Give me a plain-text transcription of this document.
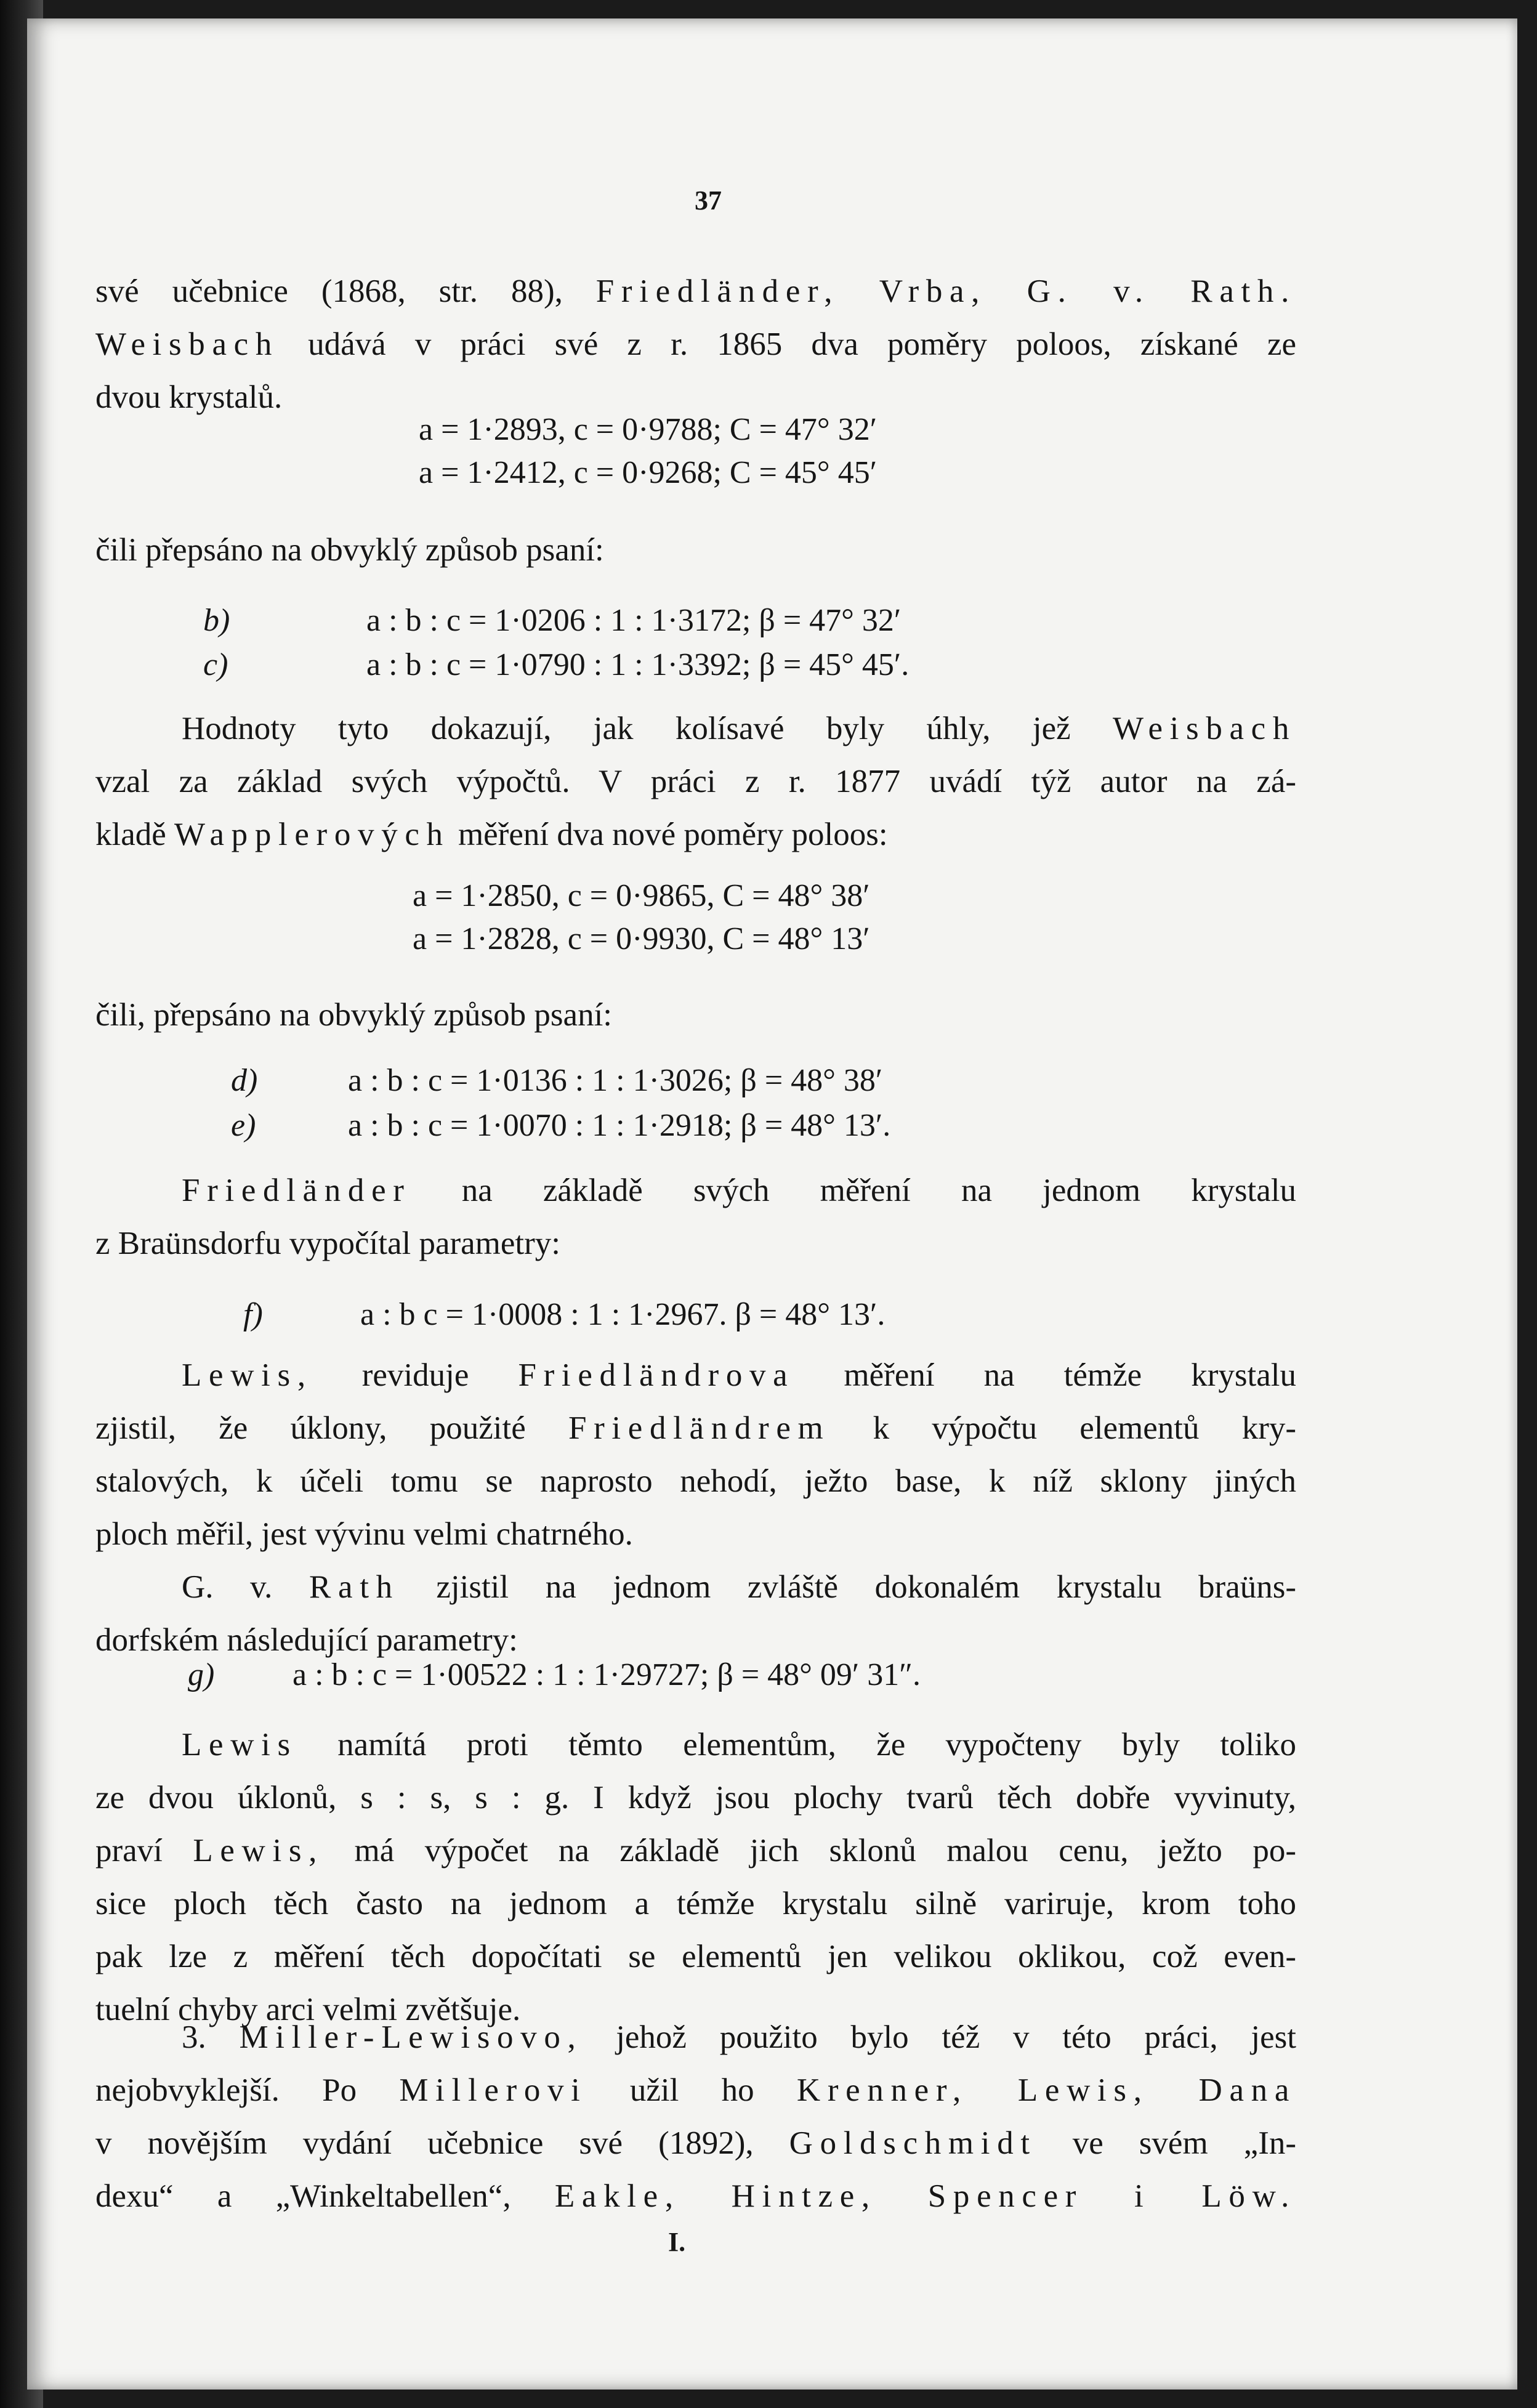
37
své učebnice (1868, str. 88), Friedländer, Vrba, G. v. Rath.
Weisbach udává v práci své z r. 1865 dva poměry poloos, získané ze
dvou krystalů.
a = 1·2893, c = 0·9788; C = 47° 32′
a = 1·2412, c = 0·9268; C = 45° 45′
čili přepsáno na obvyklý způsob psaní:
b)	a : b : c = 1·0206 : 1 : 1·3172; β = 47° 32′
c)	a : b : c = 1·0790 : 1 : 1·3392; β = 45° 45′.
Hodnoty tyto dokazují, jak kolísavé byly úhly, jež Weisbach
vzal za základ svých výpočtů. V práci z r. 1877 uvádí týž autor na zá-
kladě Wapplerových měření dva nové poměry poloos:
a = 1·2850, c = 0·9865, C = 48° 38′
a = 1·2828, c = 0·9930, C = 48° 13′
čili, přepsáno na obvyklý způsob psaní:
d)	a : b : c = 1·0136 : 1 : 1·3026; β = 48° 38′
e)	a : b : c = 1·0070 : 1 : 1·2918; β = 48° 13′.
Friedländer na základě svých měření na jednom krystalu
z Braünsdorfu vypočítal parametry:
f)	a : b c = 1·0008 : 1 : 1·2967. β = 48° 13′.
Lewis, reviduje Friedländrova měření na témže krystalu
zjistil, že úklony, použité Friedländrem k výpočtu elementů kry-
stalových, k účeli tomu se naprosto nehodí, ježto base, k níž sklony jiných
ploch měřil, jest vývinu velmi chatrného.
G. v. Rath zjistil na jednom zvláště dokonalém krystalu braüns-
dorfském následující parametry:
g) a : b : c = 1·00522 : 1 : 1·29727; β = 48° 09′ 31″.
Lewis namítá proti těmto elementům, že vypočteny byly toliko
ze dvou úklonů, s : s, s : g. I když jsou plochy tvarů těch dobře vyvinuty,
praví Lewis, má výpočet na základě jich sklonů malou cenu, ježto po-
sice ploch těch často na jednom a témže krystalu silně variruje, krom toho
pak lze z měření těch dopočítati se elementů jen velikou oklikou, což even-
tuelní chyby arci velmi zvětšuje.
3. Miller-Lewisovo, jehož použito bylo též v této práci, jest
nejobvyklejší. Po Millerovi užil ho Krenner, Lewis, Dana
v novějším vydání učebnice své (1892), Goldschmidt ve svém „In-
dexu“ a „Winkeltabellen“, Eakle, Hintze, Spencer i Löw.
I.
